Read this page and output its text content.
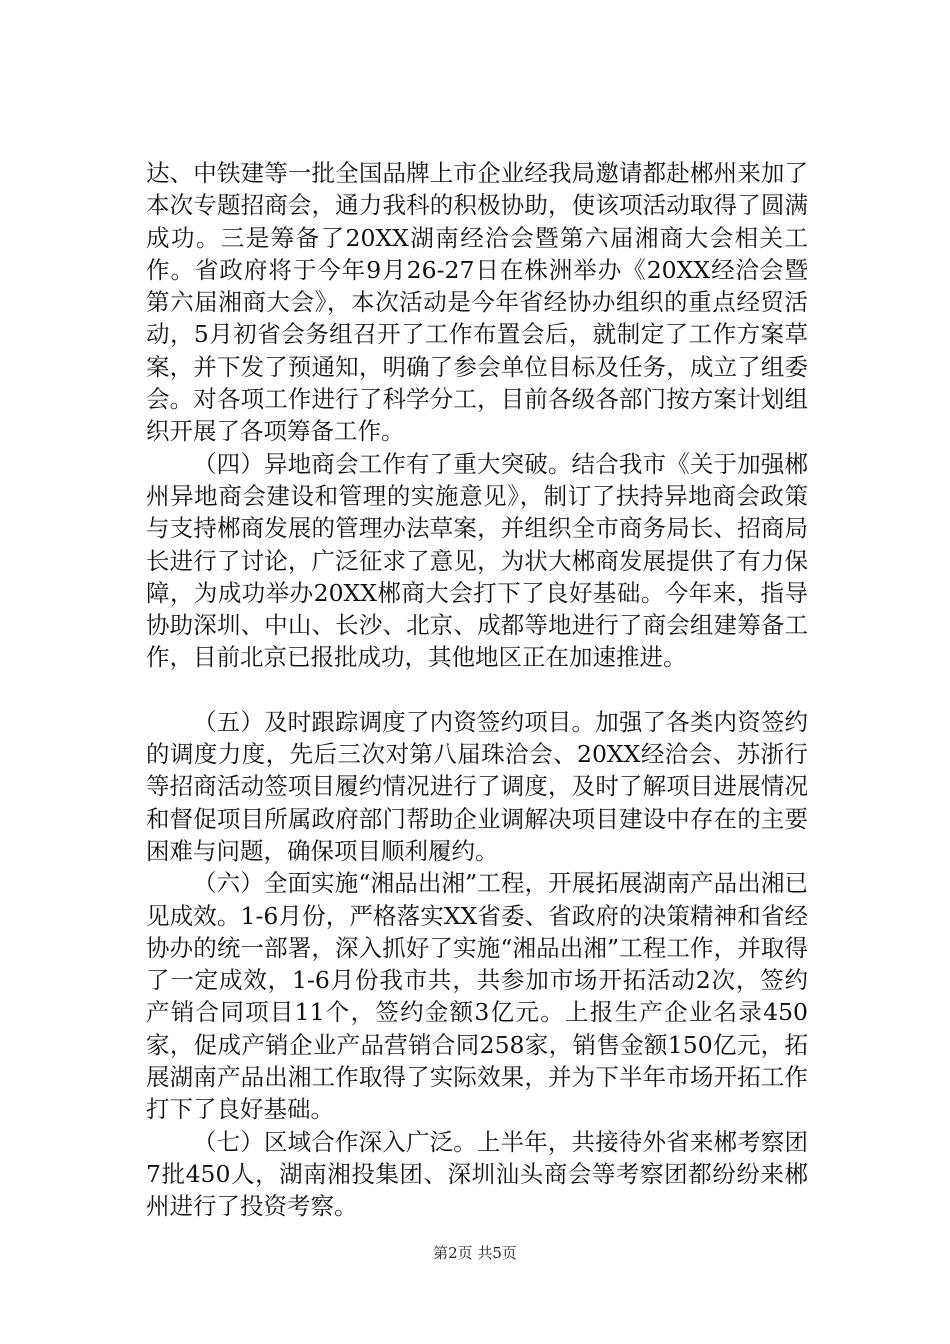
达、中铁建等一批全国品牌上市企业经我局邀请都赴郴州来加了本次专题招商会，通力我科的积极协助，使该项活动取得了圆满成功。三是筹备了20XX湖南经洽会暨第六届湘商大会相关工作。省政府将于今年9月26-27日在株洲举办《20XX经洽会暨第六届湘商大会》，本次活动是今年省经协办组织的重点经贸活动，5月初省会务组召开了工作布置会后，就制定了工作方案草案，并下发了预通知，明确了参会单位目标及任务，成立了组委会。对各项工作进行了科学分工，目前各级各部门按方案计划组织开展了各项筹备工作。

（四）异地商会工作有了重大突破。结合我市《关于加强郴州异地商会建设和管理的实施意见》，制订了扶持异地商会政策与支持郴商发展的管理办法草案，并组织全市商务局长、招商局长进行了讨论，广泛征求了意见，为状大郴商发展提供了有力保障，为成功举办20XX郴商大会打下了良好基础。今年来，指导协助深圳、中山、长沙、北京、成都等地进行了商会组建筹备工作，目前北京已报批成功，其他地区正在加速推进。

（五）及时跟踪调度了内资签约项目。加强了各类内资签约的调度力度，先后三次对第八届珠洽会、20XX经洽会、苏浙行等招商活动签项目履约情况进行了调度，及时了解项目进展情况和督促项目所属政府部门帮助企业调解决项目建设中存在的主要困难与问题，确保项目顺利履约。

（六）全面实施“湘品出湘”工程，开展拓展湖南产品出湘已见成效。1-6月份，严格落实XX省委、省政府的决策精神和省经协办的统一部署，深入抓好了实施“湘品出湘”工程工作，并取得了一定成效，1-6月份我市共，共参加市场开拓活动2次，签约产销合同项目11个，签约金额3亿元。上报生产企业名录450家，促成产销企业产品营销合同258家，销售金额150亿元，拓展湖南产品出湘工作取得了实际效果，并为下半年市场开拓工作打下了良好基础。

（七）区域合作深入广泛。上半年，共接待外省来郴考察团7批450人，湖南湘投集团、深圳汕头商会等考察团都纷纷来郴州进行了投资考察。

第2页 共5页
